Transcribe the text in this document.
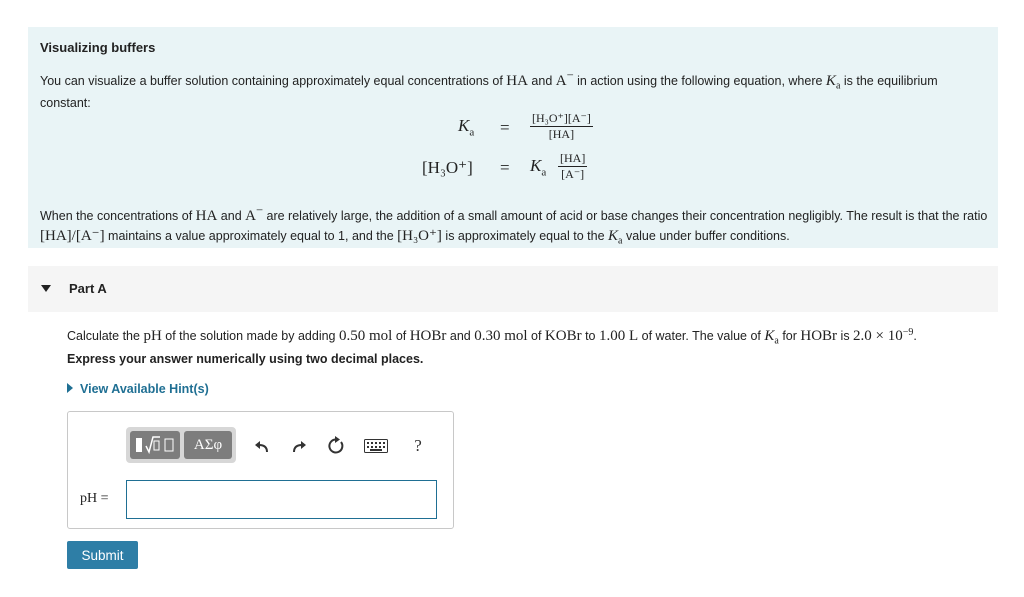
Visualizing buffers

You can visualize a buffer solution containing approximately equal concentrations of HA and A− in action using the following equation, where $K_a$ is the equilibrium constant:

$K_a = \frac{\text{[H₃O⁺][A⁻]}}{[HA]}$
$[H_3O^+] = K_a \frac{[HA]}{[A^-]}$
When the concentrations of HA and A− are relatively large, the addition of a small amount of acid or base changes their concentration negligibly. The result is that the ratio [HA]/[A⁻] maintains a value approximately equal to 1, and the [H₃O⁺] is approximately equal to the $K_a$ value under buffer conditions.
Part A
Calculate the pH of the solution made by adding 0.50 mol of HOBr and 0.30 mol of KOBr to 1.00 L of water. The value of $K_a$ for HOBr is $2.0 \times 10^{-9}$.
Express your answer numerically using two decimal places.
View Available Hint(s)
ΑΣφ	?
pH =
Submit
